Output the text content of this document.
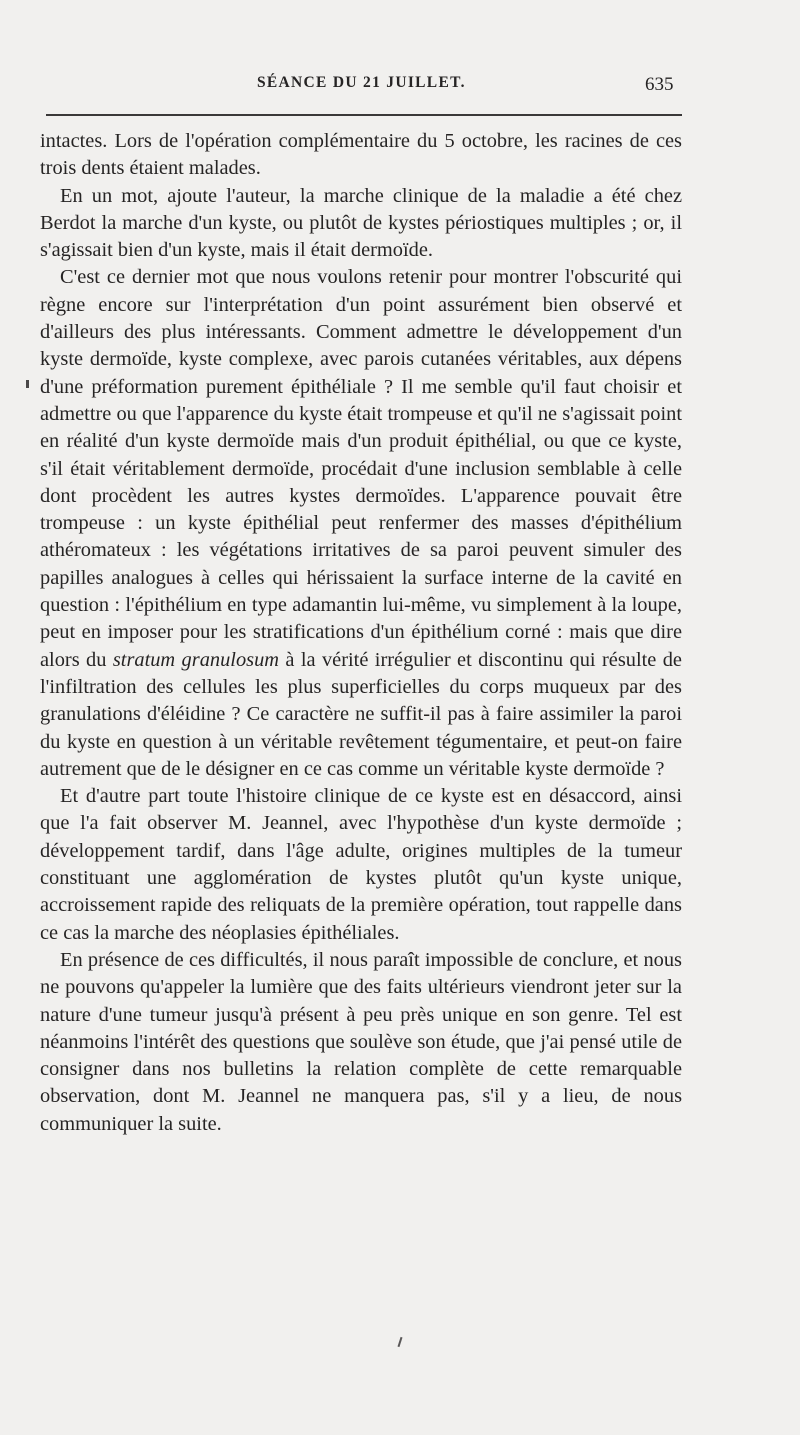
SÉANCE DU 21 JUILLET.	635

intactes. Lors de l'opération complémentaire du 5 octobre, les racines de ces trois dents étaient malades.

En un mot, ajoute l'auteur, la marche clinique de la maladie a été chez Berdot la marche d'un kyste, ou plutôt de kystes périostiques multiples ; or, il s'agissait bien d'un kyste, mais il était dermoïde.

C'est ce dernier mot que nous voulons retenir pour montrer l'obscurité qui règne encore sur l'interprétation d'un point assurément bien observé et d'ailleurs des plus intéressants. Comment admettre le développement d'un kyste dermoïde, kyste complexe, avec parois cutanées véritables, aux dépens d'une préformation purement épithéliale ? Il me semble qu'il faut choisir et admettre ou que l'apparence du kyste était trompeuse et qu'il ne s'agissait point en réalité d'un kyste dermoïde mais d'un produit épithélial, ou que ce kyste, s'il était véritablement dermoïde, procédait d'une inclusion semblable à celle dont procèdent les autres kystes dermoïdes. L'apparence pouvait être trompeuse : un kyste épithélial peut renfermer des masses d'épithélium athéromateux : les végétations irritatives de sa paroi peuvent simuler des papilles analogues à celles qui hérissaient la surface interne de la cavité en question : l'épithélium en type adamantin lui-même, vu simplement à la loupe, peut en imposer pour les stratifications d'un épithélium corné : mais que dire alors du stratum granulosum à la vérité irrégulier et discontinu qui résulte de l'infiltration des cellules les plus superficielles du corps muqueux par des granulations d'éléidine ? Ce caractère ne suffit-il pas à faire assimiler la paroi du kyste en question à un véritable revêtement tégumentaire, et peut-on faire autrement que de le désigner en ce cas comme un véritable kyste dermoïde ?

Et d'autre part toute l'histoire clinique de ce kyste est en désaccord, ainsi que l'a fait observer M. Jeannel, avec l'hypothèse d'un kyste dermoïde ; développement tardif, dans l'âge adulte, origines multiples de la tumeur constituant une agglomération de kystes plutôt qu'un kyste unique, accroissement rapide des reliquats de la première opération, tout rappelle dans ce cas la marche des néoplasies épithéliales.

En présence de ces difficultés, il nous paraît impossible de conclure, et nous ne pouvons qu'appeler la lumière que des faits ultérieurs viendront jeter sur la nature d'une tumeur jusqu'à présent à peu près unique en son genre. Tel est néanmoins l'intérêt des questions que soulève son étude, que j'ai pensé utile de consigner dans nos bulletins la relation complète de cette remarquable observation, dont M. Jeannel ne manquera pas, s'il y a lieu, de nous communiquer la suite.
